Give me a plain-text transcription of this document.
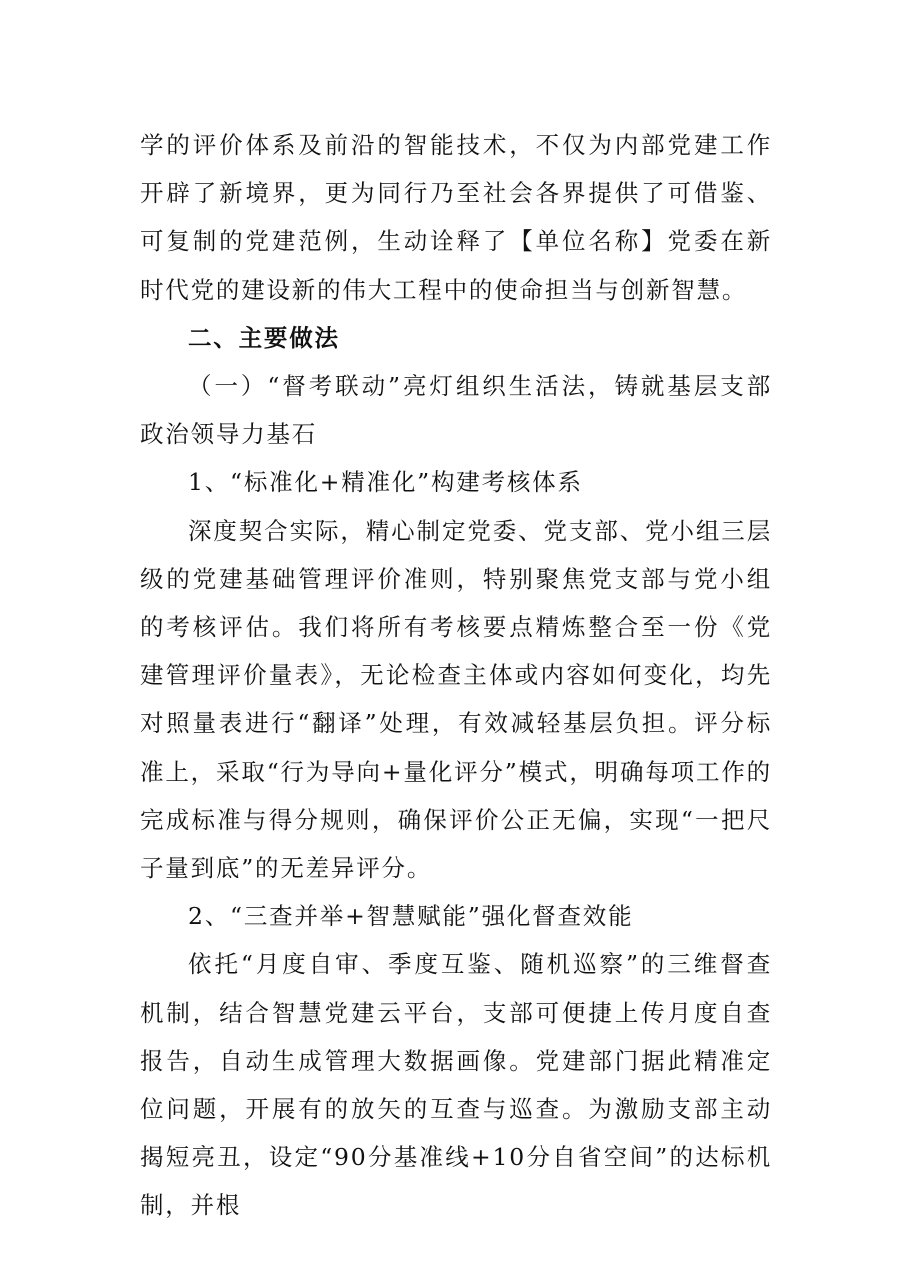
学的评价体系及前沿的智能技术，不仅为内部党建工作开辟了新境界，更为同行乃至社会各界提供了可借鉴、可复制的党建范例，生动诠释了【单位名称】党委在新时代党的建设新的伟大工程中的使命担当与创新智慧。

二、主要做法

（一）“督考联动”亮灯组织生活法，铸就基层支部政治领导力基石

1、“标准化+精准化”构建考核体系

深度契合实际，精心制定党委、党支部、党小组三层级的党建基础管理评价准则，特别聚焦党支部与党小组的考核评估。我们将所有考核要点精炼整合至一份《党建管理评价量表》，无论检查主体或内容如何变化，均先对照量表进行“翻译”处理，有效减轻基层负担。评分标准上，采取“行为导向+量化评分”模式，明确每项工作的完成标准与得分规则，确保评价公正无偏，实现“一把尺子量到底”的无差异评分。

2、“三查并举+智慧赋能”强化督查效能

依托“月度自审、季度互鉴、随机巡察”的三维督查机制，结合智慧党建云平台，支部可便捷上传月度自查报告，自动生成管理大数据画像。党建部门据此精准定位问题，开展有的放矢的互查与巡查。为激励支部主动揭短亮丑，设定“90分基准线+10分自省空间”的达标机制，并根
